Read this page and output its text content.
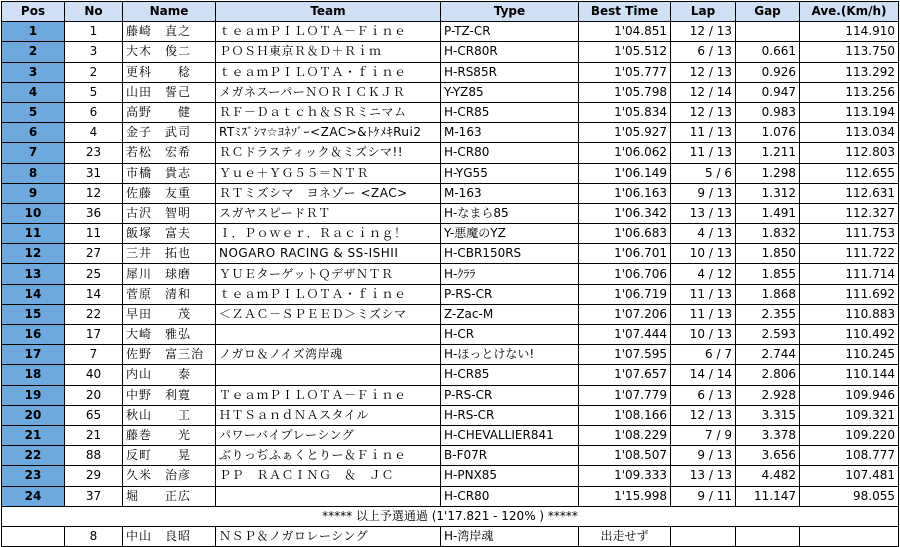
Pos	No	Name	Team	Type	Best Time	Lap	Gap	Ave.(Km/h)
1	1	藤崎　直之	ｔｅａｍＰＩＬＯＴＡ－Ｆｉｎｅ	P-TZ-CR	1'04.851	12 / 13		114.910
2	3	大木　俊二	ＰＯＳＨ東京Ｒ＆Ｄ＋Ｒｉｍ	H-CR80R	1'05.512	6 / 13	0.661	113.750
3	2	更科　　稔	ｔｅａｍＰＩＬＯＴＡ・ｆｉｎｅ	H-RS85R	1'05.777	12 / 13	0.926	113.292
4	5	山田　誓己	メガネスーパーＮＯＲＩＣＫＪＲ	Y-YZ85	1'05.798	12 / 14	0.947	113.256
5	6	高野　　健	ＲＦ－Ｄａｔｃｈ＆ＳＲミニマム	H-CR85	1'05.834	12 / 13	0.983	113.194
6	4	金子　武司	RTﾐｽﾞｼﾏ☆ﾖﾈｿﾞｰ<ZAC>&ﾄｹﾒｷRui2	M-163	1'05.927	11 / 13	1.076	113.034
7	23	若松　宏希	ＲＣドラスティック＆ミズシマ!!	H-CR80	1'06.062	11 / 13	1.211	112.803
8	31	市橋　貴志	Ｙｕｅ＋ＹＧ５５＝ＮＴＲ	H-YG55	1'06.149	5 / 6	1.298	112.655
9	12	佐藤　友重	ＲＴミズシマ　ヨネゾー <ZAC>	M-163	1'06.163	9 / 13	1.312	112.631
10	36	古沢　智明	スガヤスピードＲＴ	H-なまら85	1'06.342	13 / 13	1.491	112.327
11	11	飯塚　富夫	Ｉ．Ｐｏｗｅｒ．Ｒａｃｉｎｇ！	Y-悪魔のYZ	1'06.683	4 / 13	1.832	111.753
12	27	三井　拓也	NOGARO RACING & SS-ISHII	H-CBR150RS	1'06.701	10 / 13	1.850	111.722
13	25	犀川　球磨	ＹＵＥターゲットＱデザＮＴＲ	H-ｸﾗﾗ	1'06.706	4 / 12	1.855	111.714
14	14	菅原　清和	ｔｅａｍＰＩＬＯＴＡ・ｆｉｎｅ	P-RS-CR	1'06.719	11 / 13	1.868	111.692
15	22	早田　　茂	＜ＺＡＣ－ＳＰＥＥＤ＞ミズシマ	Z-Zac-M	1'07.206	11 / 13	2.355	110.883
16	17	大崎　雅弘		H-CR	1'07.444	10 / 13	2.593	110.492
17	7	佐野　富三治	ノガロ＆ノイズ湾岸魂	H-ほっとけない!	1'07.595	6 / 7	2.744	110.245
18	40	内山　　泰		H-CR85	1'07.657	14 / 14	2.806	110.144
19	20	中野　利寛	ＴｅａｍＰＩＬＯＴＡ－Ｆｉｎｅ	P-RS-CR	1'07.779	6 / 13	2.928	109.946
20	65	秋山　　工	ＨＴＳａｎｄＮＡスタイル	H-RS-CR	1'08.166	12 / 13	3.315	109.321
21	21	藤巻　　光	パワーバイプレーシング	H-CHEVALLIER841	1'08.229	7 / 9	3.378	109.220
22	88	反町　　晃	ぶりっぢふぁくとりー＆Ｆｉｎｅ	B-F07R	1'08.507	9 / 13	3.656	108.777
23	29	久米　治彦	ＰＰ　ＲＡＣＩＮＧ　＆　ＪＣ	H-PNX85	1'09.333	13 / 13	4.482	107.481
24	37	堀　　正広		H-CR80	1'15.998	9 / 11	11.147	98.055
***** 以上予選通過 (1'17.821 - 120% ) *****								
	8	中山　良昭	ＮＳＰ＆ノガロレーシング	H-湾岸魂	出走せず			
